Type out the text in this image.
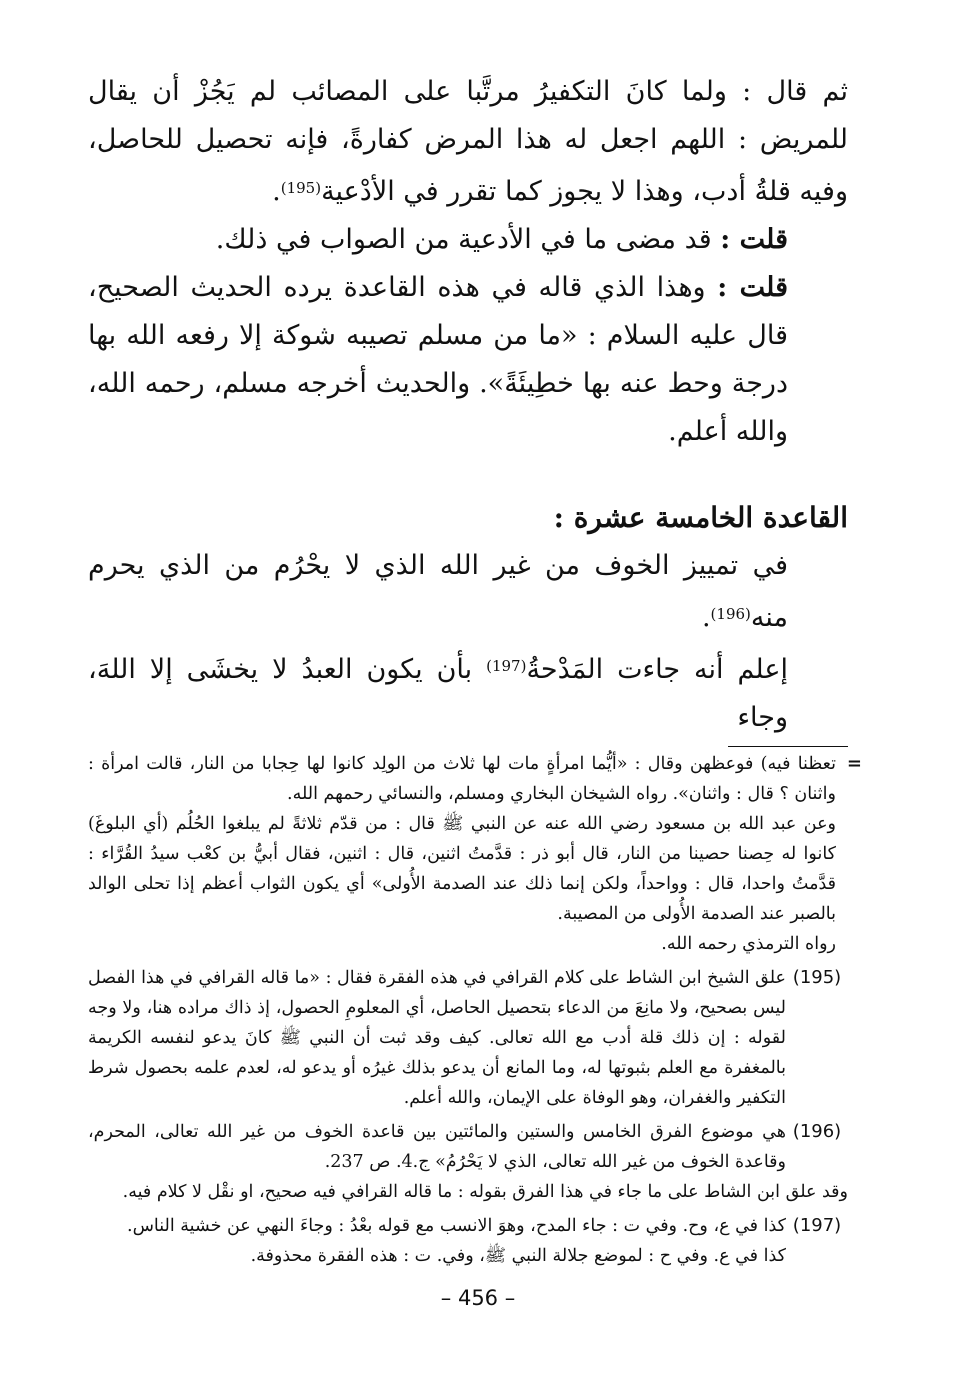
ثم قال : ولما كانَ التكفيرُ مرتَّبا على المصائب لم يَجُزْ أن يقال للمريض : اللهم اجعل له هذا المرض كفارةً، فإنه تحصيل للحاصل، وفيه قلةُ أدب، وهذا لا يجوز كما تقرر في الأدْعية$^{(195)}$.

قلت : قد مضى ما في الأدعية من الصواب في ذلك.

قلت : وهذا الذي قاله في هذه القاعدة يرده الحديث الصحيح، قال عليه السلام : «ما من مسلم تصيبه شوكة إلا رفعه الله بها درجة وحط عنه بها خطِيئَةً». والحديث أخرجه مسلم، رحمه الله، والله أعلم.

القاعدة الخامسة عشرة :

في تمييز الخوف من غير الله الذي لا يحْرُم من الذي يحرم منه$^{(196)}$.

إعلم أنه جاءت المَدْحةُ$^{(197)}$ بأن يكون العبدُ لا يخشَى إلا اللهَ، وجاء

=

تعظنا فيه) فوعظهن وقال : «أيُّما امرأةٍ مات لها ثلاث من الولِد كانوا لها حِجابا من النار، قالت امرأة : واثنان ؟ قال : واثنان». رواه الشيخان البخاري ومسلم، والنسائي رحمهم الله.

وعن عبد الله بن مسعود رضي الله عنه عن النبي ﷺ قال : من قدّم ثلاثةً لم يبلغوا الحُلُم (أي البلوغَ) كانوا له حِصنا حصينا من النار، قال أبو ذر : قدَّمتُ اثنين، قال : اثنين، فقال أبيُّ بن كعْب سيدُ القُرَّاء : قدَّمتُ واحدا، قال : وواحداً، ولكن إنما ذلك عند الصدمة الأُولى» أي يكون الثواب أعظم إذا تحلى الوالد بالصبر عند الصدمة الأُولى من المصيبة.

رواه الترمذي رحمه الله.

(195)

علق الشيخ ابن الشاط على كلام القرافي في هذه الفقرة فقال : «ما قاله القرافي في هذا الفصل ليس بصحيح، ولا مانِعَ من الدعاء بتحصيل الحاصل، أي المعلومِ الحصول، إذ ذاك مراده هنا، ولا وجه لقوله : إن ذلك قلة أدب مع الله تعالى. كيف وقد ثبت أن النبي ﷺ كانَ يدعو لنفسه الكريمة بالمغفرة مع العلم بثبوتها له، وما المانع أن يدعو بذلك غيرُه أو يدعو له، لعدم علمه بحصول شرط التكفير والغفران، وهو الوفاة على الإيمان، والله أعلم.

(196)

هي موضوع الفرق الخامس والستين والمائتين بين قاعدة الخوف من غير الله تعالى، المحرم، وقاعدة الخوف من غير الله تعالى، الذي لا يَحْرُمُ» ج.4. ص 237.

وقد علق ابن الشاط على ما جاء في هذا الفرق بقوله : ما قاله القرافي فيه صحيح، او نقْل لا كلام فيه.

(197)

كذا في ع، وح. وفي ت : جاء المدح، وهوَ الانسب مع قوله بعْدُ : وجاءَ النهي عن خشية الناس.

كذا في ع. وفي ح : لموضع جلالة النبي ﷺ، وفي. ت : هذه الفقرة محذوفة.

– 456 –
